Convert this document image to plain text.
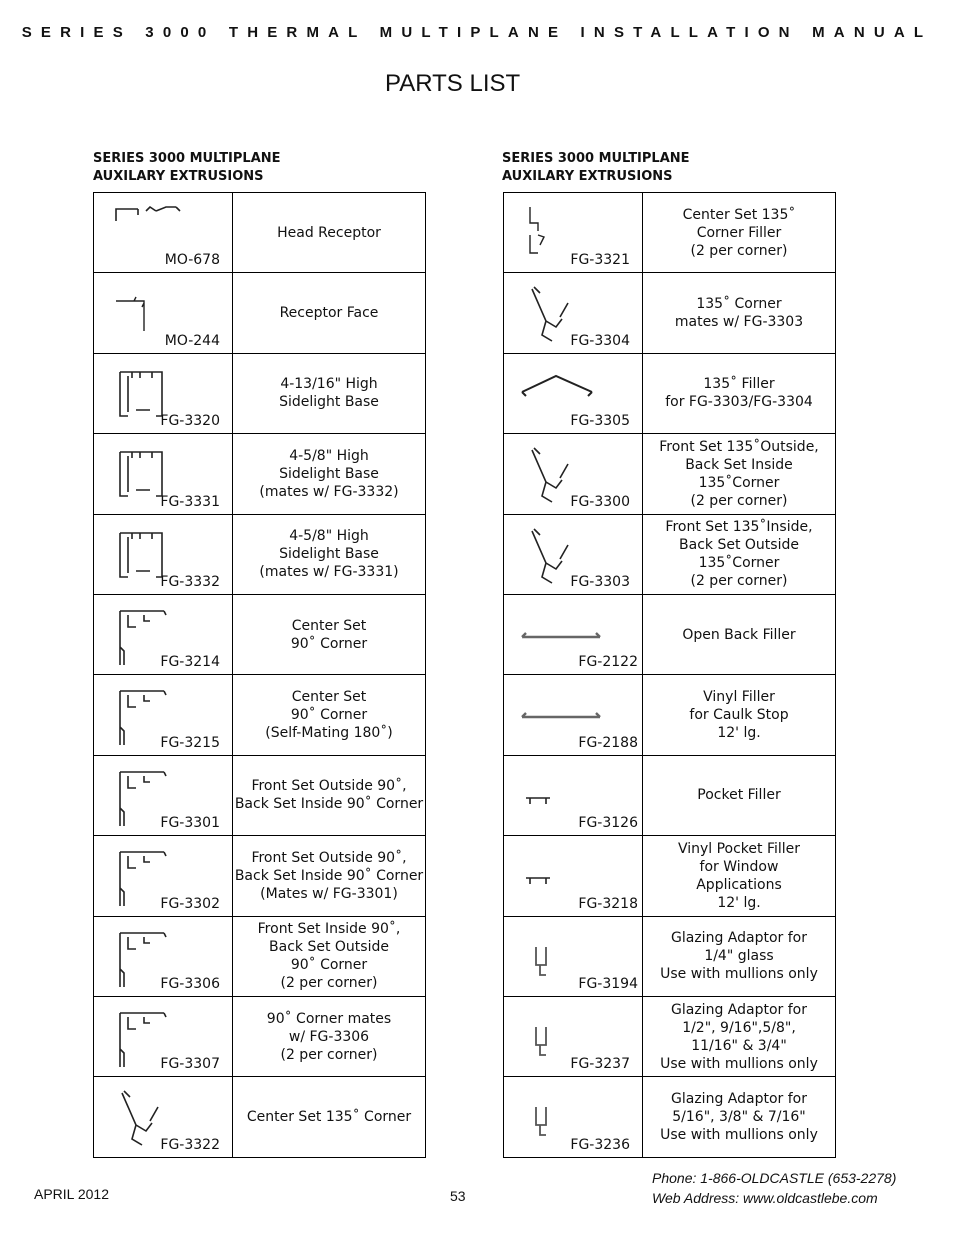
SERIES 3000 THERMAL MULTIPLANE INSTALLATION MANUAL
PARTS LIST
SERIES 3000 MULTIPLANE
AUXILARY EXTRUSIONS
SERIES 3000 MULTIPLANE
AUXILARY EXTRUSIONS
MO-678	Head Receptor

MO-244	Receptor Face

FG-3320	4-13/16" High
Sidelight Base

FG-3331	4-5/8" High
Sidelight Base
(mates w/ FG-3332)

FG-3332	4-5/8" High
Sidelight Base
(mates w/ FG-3331)

FG-3214	Center Set
90˚ Corner

FG-3215	Center Set
90˚ Corner
(Self-Mating 180˚)

FG-3301	Front Set Outside 90˚,
Back Set Inside 90˚ Corner

FG-3302	Front Set Outside 90˚,
Back Set Inside 90˚ Corner
(Mates w/ FG-3301)

FG-3306	Front Set Inside 90˚,
Back Set Outside
90˚ Corner
(2 per corner)

FG-3307	90˚ Corner mates
w/ FG-3306
(2 per corner)

FG-3322	Center Set 135˚ Corner
FG-3321	Center Set 135˚
Corner Filler
(2 per corner)

FG-3304	135˚ Corner
mates w/ FG-3303

FG-3305	135˚ Filler
for FG-3303/FG-3304

FG-3300	Front Set 135˚Outside,
Back Set Inside 135˚Corner
(2 per corner)

FG-3303	Front Set 135˚Inside,
Back Set Outside
135˚Corner
(2 per corner)

FG-2122	Open Back Filler

FG-2188	Vinyl Filler
for Caulk Stop
12' lg.

FG-3126	Pocket Filler

FG-3218	Vinyl Pocket Filler
for Window
Applications
12' lg.

FG-3194	Glazing Adaptor for
1/4" glass
Use with mullions only

FG-3237	Glazing Adaptor for
1/2", 9/16",5/8",
11/16" & 3/4"
Use with mullions only

FG-3236	Glazing Adaptor for
5/16", 3/8" & 7/16"
Use with mullions only
APRIL 2012	53
Phone: 1-866-OLDCASTLE (653-2278)
Web Address: www.oldcastlebe.com
